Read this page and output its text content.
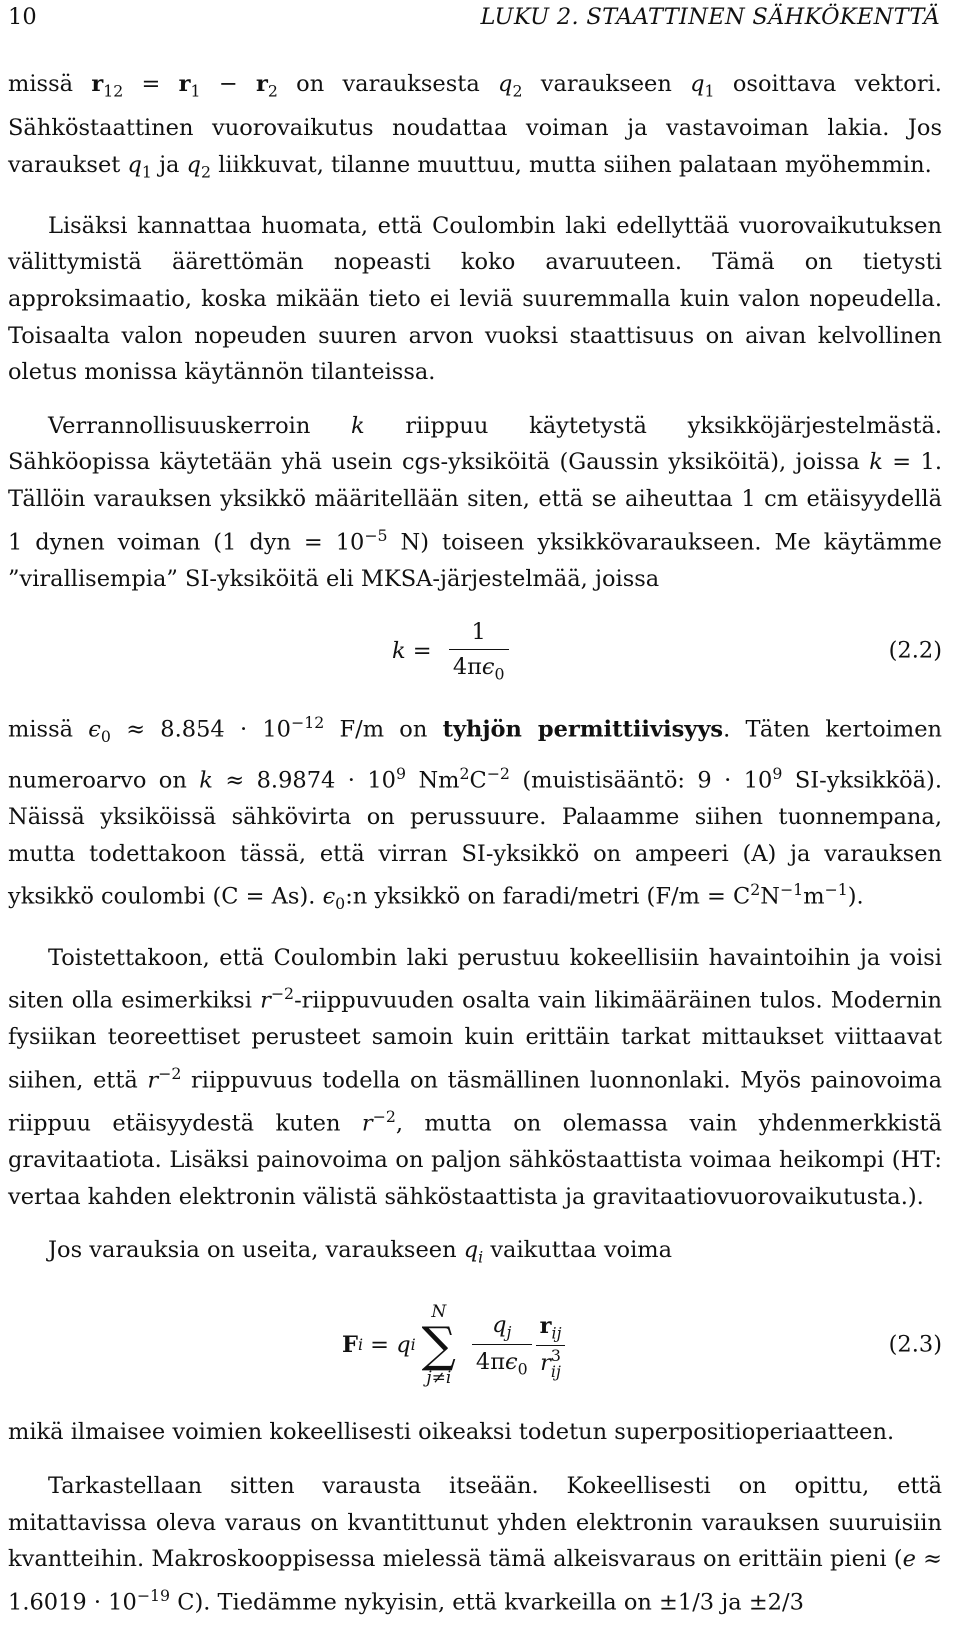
10	LUKU 2. STAATTINEN SÄHKÖKENTTÄ

missä $r_{12} = r_1 - r_2$ on varauksesta $q_2$ varaukseen $q_1$ osoittava vektori. Sähköstaattinen vuorovaikutus noudattaa voiman ja vastavoiman lakia. Jos varaukset $q_1$ ja $q_2$ liikkuvat, tilanne muuttuu, mutta siihen palataan myöhemmin.

Lisäksi kannattaa huomata, että Coulombin laki edellyttää vuorovaikutuksen välittymistä äärettömän nopeasti koko avaruuteen. Tämä on tietysti approksimaatio, koska mikään tieto ei leviä suuremmalla kuin valon nopeudella. Toisaalta valon nopeuden suuren arvon vuoksi staattisuus on aivan kelvollinen oletus monissa käytännön tilanteissa.

Verrannollisuuskerroin k riippuu käytetystä yksikköjärjestelmästä. Sähköopissa käytetään yhä usein cgs-yksiköitä (Gaussin yksiköitä), joissa k = 1. Tällöin varauksen yksikkö määritellään siten, että se aiheuttaa 1 cm etäisyydellä 1 dynen voiman (1 dyn = $10^{-5}$ N) toiseen yksikkövaraukseen. Me käytämme ”virallisempia” SI-yksiköitä eli MKSA-järjestelmää, joissa

$k = \frac{1}{4\pi\epsilon_0}$	(2.2)

missä $\epsilon_0 \approx 8.854 \cdot 10^{-12}$ F/m on tyhjön permittiivisyys. Täten kertoimen numeroarvo on $k \approx 8.9874 \cdot 10^9$ $Nm^2C^{-2}$ (muistisääntö: $9 \cdot 10^9$ SI-yksikköä). Näissä yksiköissä sähkövirta on perussuure. Palaamme siihen tuonnempana, mutta todettakoon tässä, että virran SI-yksikkö on ampeeri (A) ja varauksen yksikkö coulombi (C = As). $\epsilon_0:n$ yksikkö on faradi/metri $(F/m = C^2N^{-1}m^{-1})$.

Toistettakoon, että Coulombin laki perustuu kokeellisiin havaintoihin ja voisi siten olla esimerkiksi $r^{-2}$-riippuvuuden osalta vain likimääräinen tulos. Modernin fysiikan teoreettiset perusteet samoin kuin erittäin tarkat mittaukset viittaavat siihen, että $r^{-2}$ riippuvuus todella on täsmällinen luonnonlaki. Myös painovoima riippuu etäisyydestä kuten $r^{-2}$, mutta on olemassa vain yhdenmerkkistä gravitaatiota. Lisäksi painovoima on paljon sähköstaattista voimaa heikompi (HT: vertaa kahden elektronin välistä sähköstaattista ja gravitaatiovuorovaikutusta.).

Jos varauksia on useita, varaukseen $q_i$ vaikuttaa voima

F i = q i
N
∑
$j\ne i \frac{q_j}{4\pi\epsilon_0} r_{ij}$
r 3
ij	(2.3)

mikä ilmaisee voimien kokeellisesti oikeaksi todetun superpositioperiaatteen.

Tarkastellaan sitten varausta itseään. Kokeellisesti on opittu, että mitattavissa oleva varaus on kvantittunut yhden elektronin varauksen suuruisiin kvantteihin. Makroskooppisessa mielessä tämä alkeisvaraus on erittäin pieni ($e \approx 1.6019 \cdot 10^{-19}$ C). Tiedämme nykyisin, että kvarkeilla on ±1/3 ja ±2/3
